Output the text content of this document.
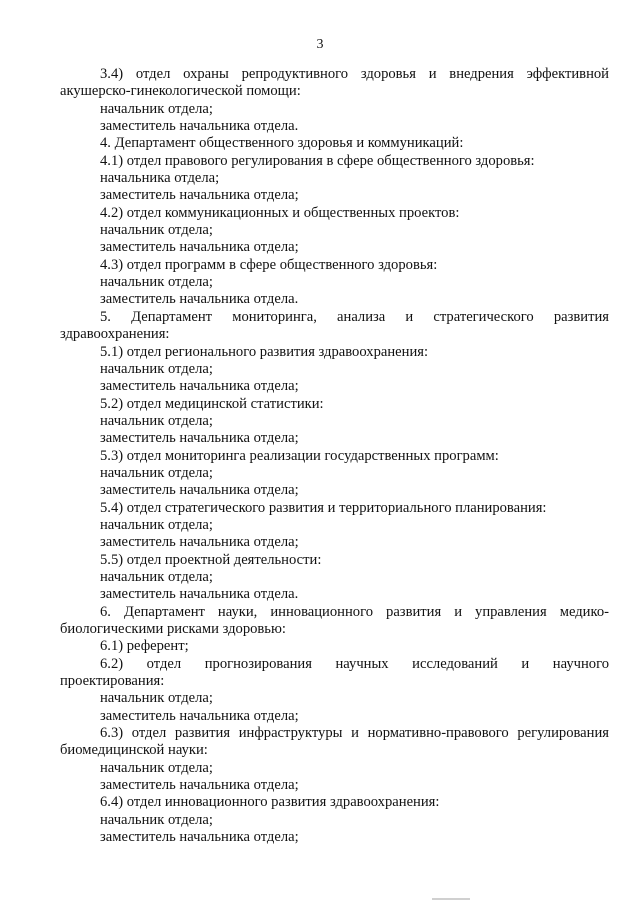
3
3.4) отдел охраны репродуктивного здоровья и внедрения эффективной
акушерско-гинекологической помощи:
начальник отдела;
заместитель начальника отдела.
4. Департамент общественного здоровья и коммуникаций:
4.1) отдел правового регулирования в сфере общественного здоровья:
начальника отдела;
заместитель начальника отдела;
4.2) отдел коммуникационных и общественных проектов:
начальник отдела;
заместитель начальника отдела;
4.3) отдел программ в сфере общественного здоровья:
начальник отдела;
заместитель начальника отдела.
5. Департамент мониторинга, анализа и стратегического развития
здравоохранения:
5.1) отдел регионального развития здравоохранения:
начальник отдела;
заместитель начальника отдела;
5.2) отдел медицинской статистики:
начальник отдела;
заместитель начальника отдела;
5.3) отдел мониторинга реализации государственных программ:
начальник отдела;
заместитель начальника отдела;
5.4) отдел стратегического развития и территориального планирования:
начальник отдела;
заместитель начальника отдела;
5.5) отдел проектной деятельности:
начальник отдела;
заместитель начальника отдела.
6. Департамент науки, инновационного развития и управления медико-
биологическими рисками здоровью:
6.1) референт;
6.2) отдел прогнозирования научных исследований и научного
проектирования:
начальник отдела;
заместитель начальника отдела;
6.3) отдел развития инфраструктуры и нормативно-правового регулирования
биомедицинской науки:
начальник отдела;
заместитель начальника отдела;
6.4) отдел инновационного развития здравоохранения:
начальник отдела;
заместитель начальника отдела;
